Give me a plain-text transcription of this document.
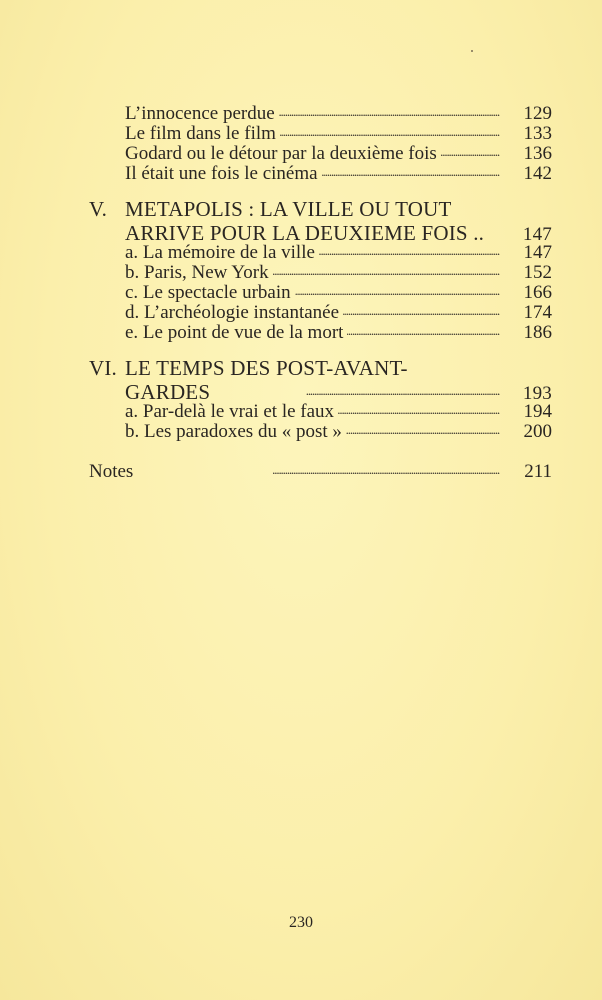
L’innocence perdue . . .	129
Le film dans le film . . .	133
Godard ou le détour par la deuxième fois . . .	136
Il était une fois le cinéma . . .	142
V. METAPOLIS : LA VILLE OU TOUT
ARRIVE POUR LA DEUXIEME FOIS ..	147
a. La mémoire de la ville . . .	147
b. Paris, New York . . .	152
c. Le spectacle urbain . . .	166
d. L’archéologie instantanée . . .	174
e. Le point de vue de la mort . . .	186
VI. LE TEMPS DES POST-AVANT-
GARDES . . .	193
a. Par-delà le vrai et le faux . . .	194
b. Les paradoxes du « post » . . .	200
Notes . . .	211
230
